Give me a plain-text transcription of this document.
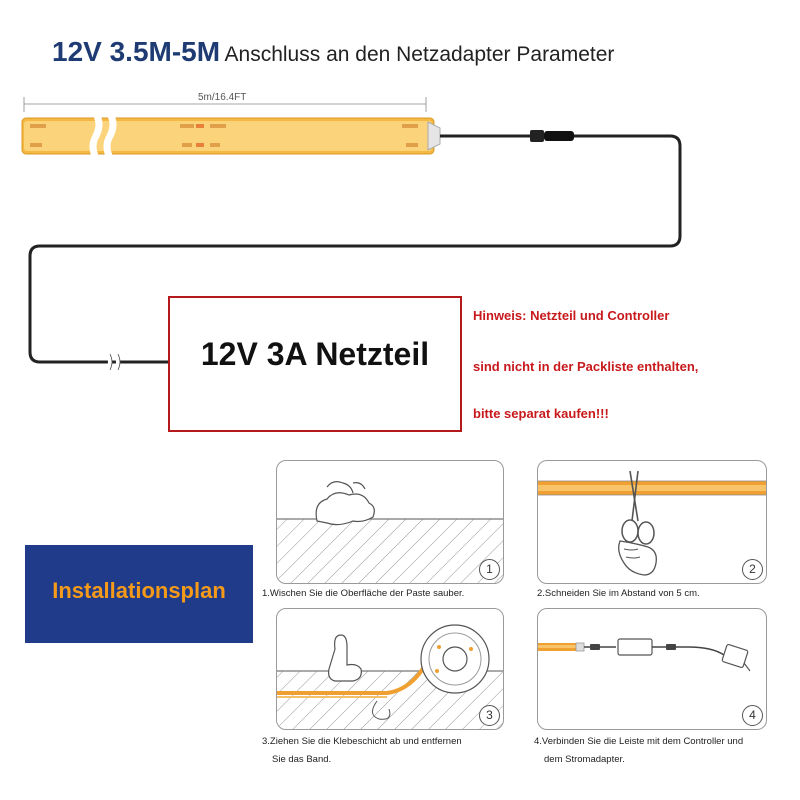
12V 3.5M-5M Anschluss an den Netzadapter Parameter
5m/16.4FT
12V 3A Netzteil
Hinweis: Netzteil und Controller
sind nicht in der Packliste enthalten,
bitte separat kaufen!!!
Installationsplan
1
1.Wischen Sie die Oberfläche der Paste sauber.
2
2.Schneiden Sie im Abstand von 5 cm.
3
3.Ziehen Sie die Klebeschicht ab und entfernen
Sie das Band.
4
4.Verbinden Sie die Leiste mit dem Controller und
dem Stromadapter.
